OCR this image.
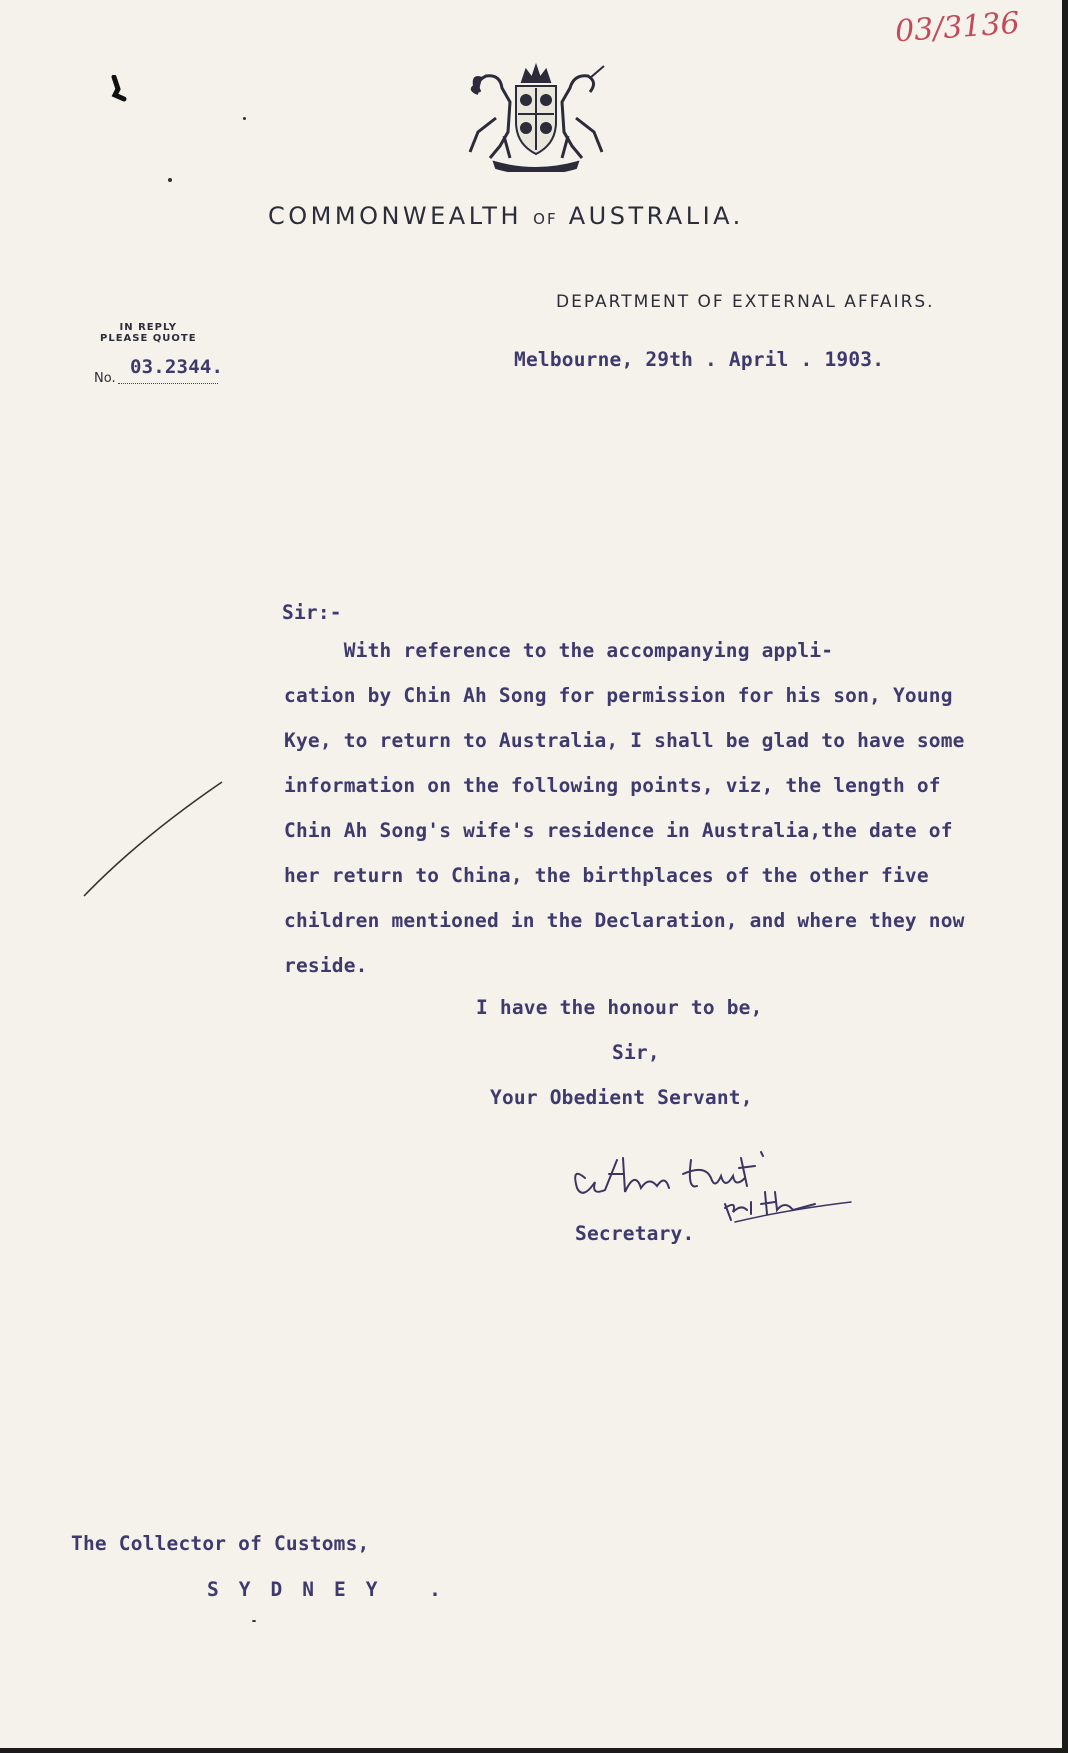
03/3136
COMMONWEALTH OF AUSTRALIA.
DEPARTMENT OF EXTERNAL AFFAIRS.
IN REPLY
PLEASE QUOTE
No.
03.2344.	Melbourne, 29th . April . 1903.
Sir:-
With reference to the accompanying appli-
cation by Chin Ah Song for permission for his son, Young
Kye, to return to Australia, I shall be glad to have some
information on the following points, viz, the length of
Chin Ah Song's wife's residence in Australia,the date of
her return to China, the birthplaces of the other five
children mentioned in the Declaration, and where they now
reside.
I have the honour to be,
Sir,
Your Obedient Servant,
Secretary.
The Collector of Customs,
SYDNEY .
